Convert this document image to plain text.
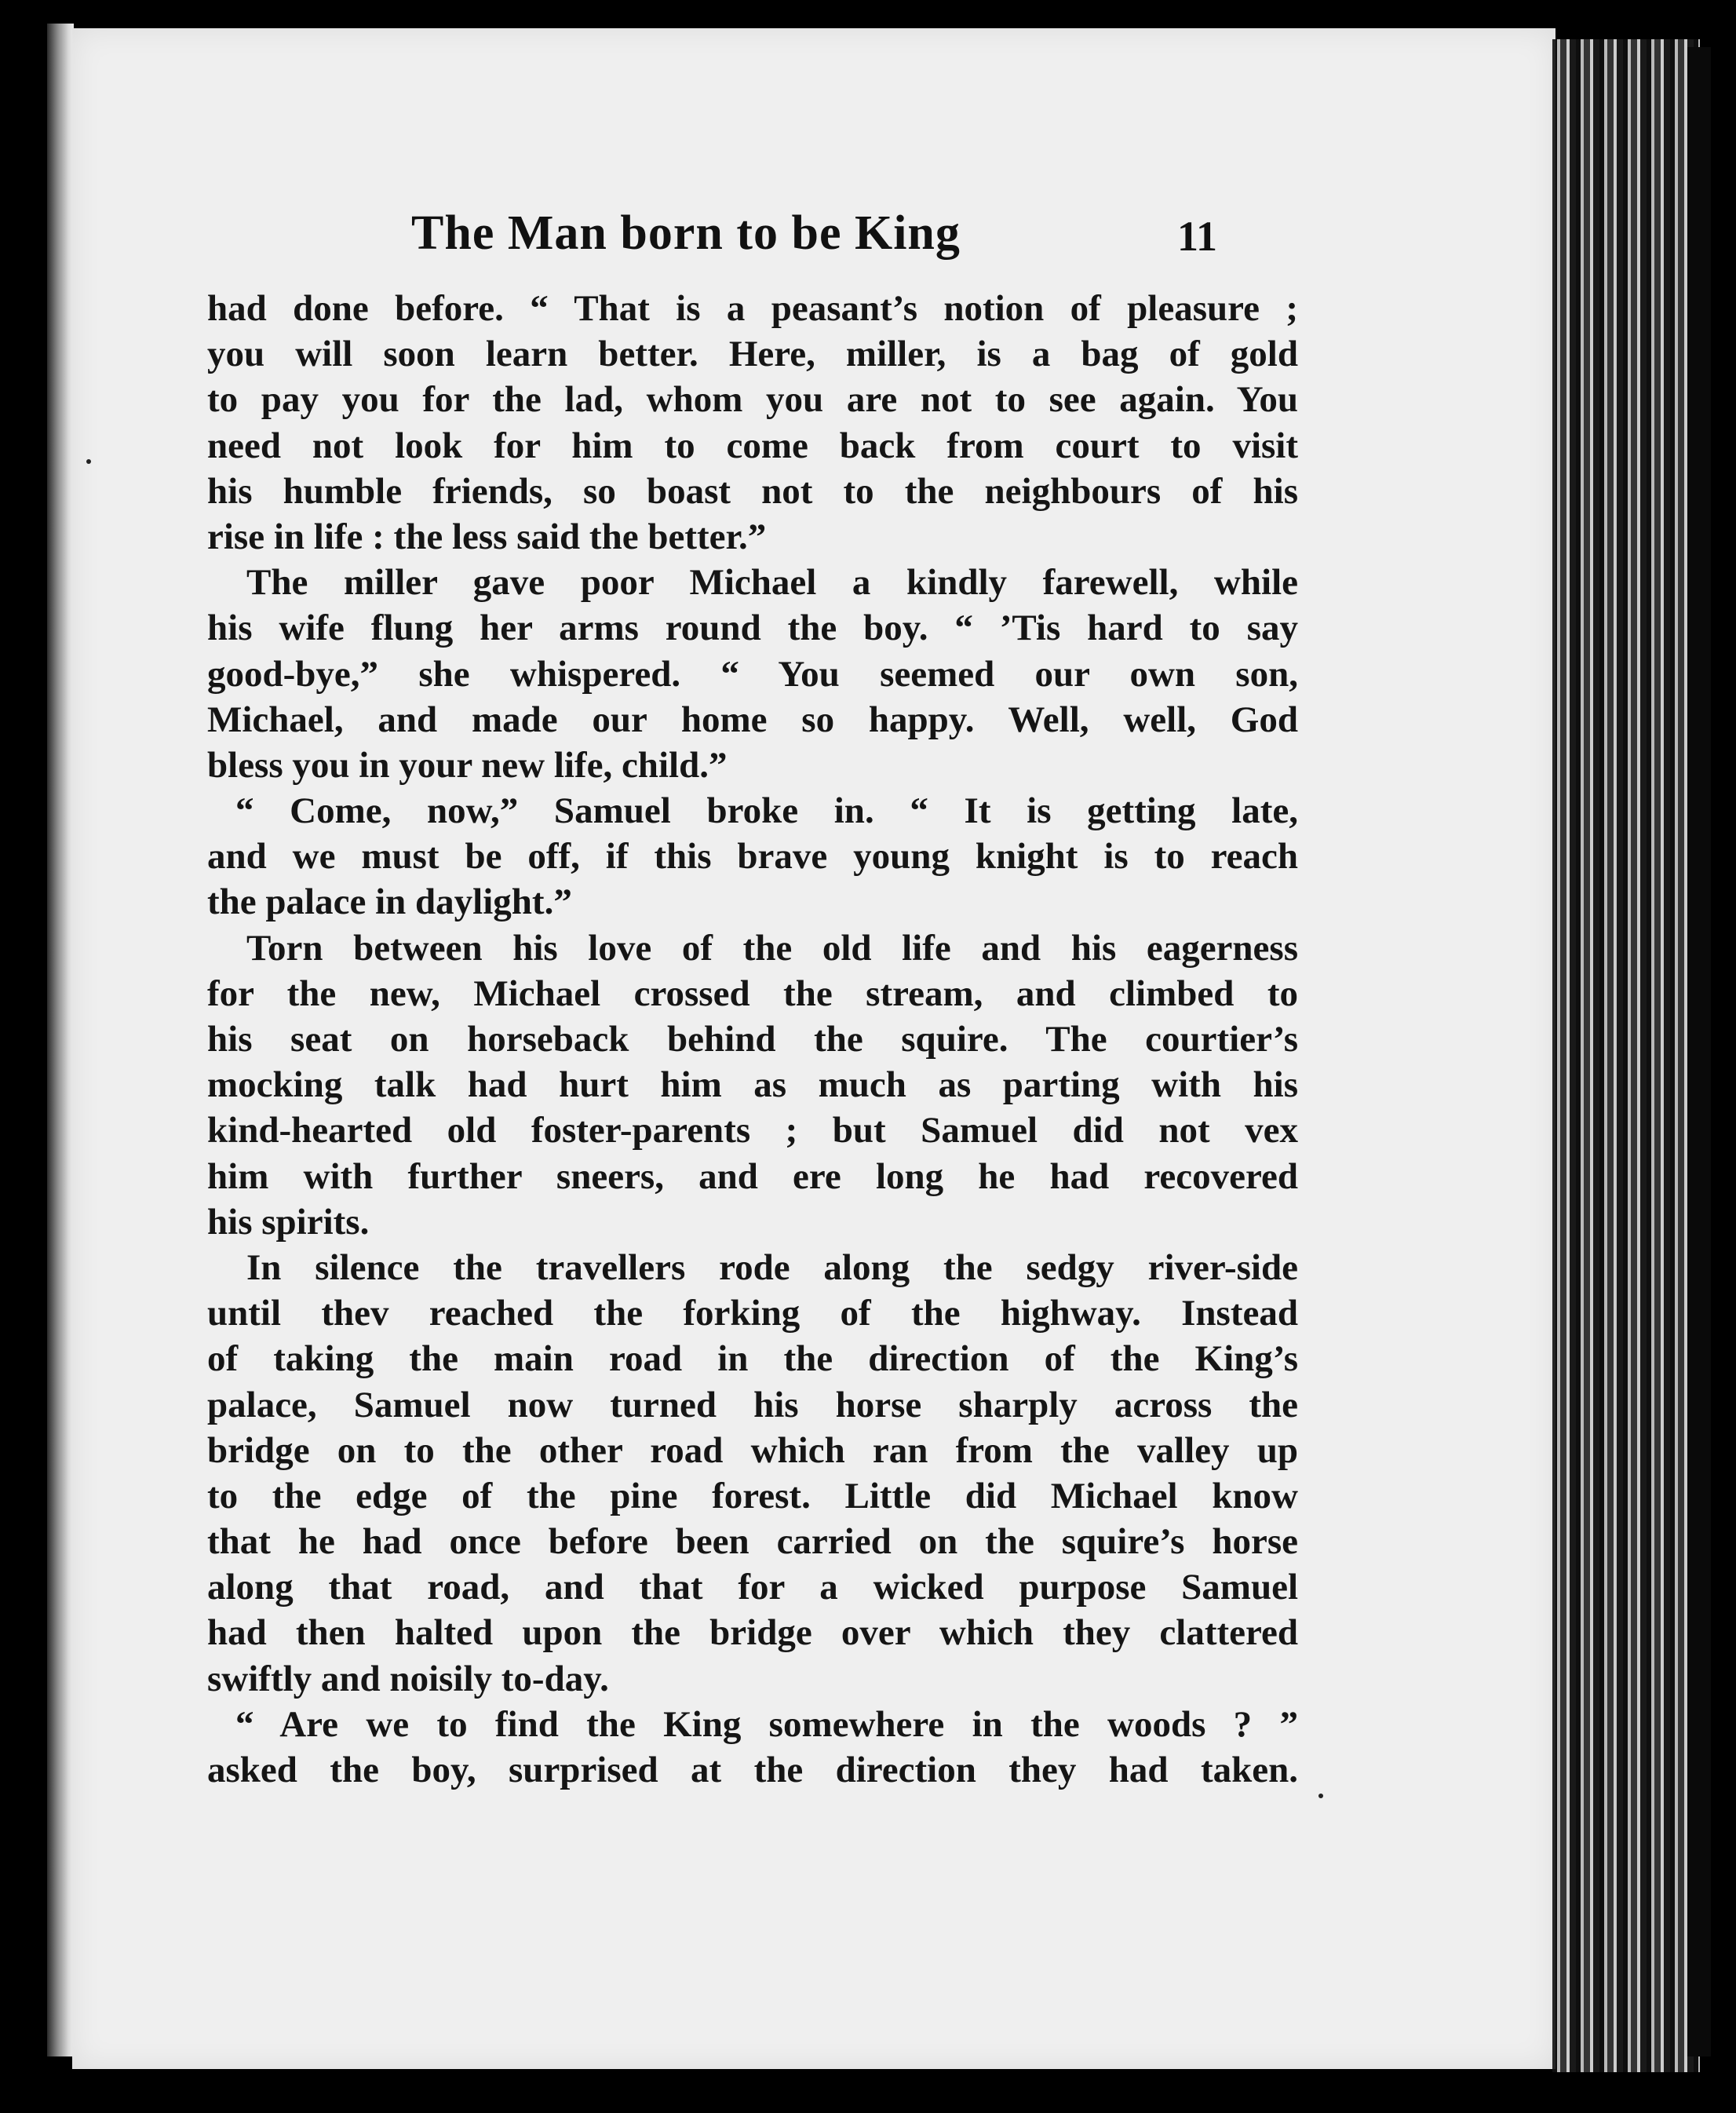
The Man born to be King	11
had done before. “ That is a peasant’s notion of pleasure ;
you will soon learn better. Here, miller, is a bag of gold
to pay you for the lad, whom you are not to see again. You
need not look for him to come back from court to visit
his humble friends, so boast not to the neighbours of his
rise in life : the less said the better.”
The miller gave poor Michael a kindly farewell, while
his wife flung her arms round the boy. “ ’Tis hard to say
good-bye,” she whispered. “ You seemed our own son,
Michael, and made our home so happy. Well, well, God
bless you in your new life, child.”
“ Come, now,” Samuel broke in. “ It is getting late,
and we must be off, if this brave young knight is to reach
the palace in daylight.”
Torn between his love of the old life and his eagerness
for the new, Michael crossed the stream, and climbed to
his seat on horseback behind the squire. The courtier’s
mocking talk had hurt him as much as parting with his
kind-hearted old foster-parents ; but Samuel did not vex
him with further sneers, and ere long he had recovered
his spirits.
In silence the travellers rode along the sedgy river-side
until thev reached the forking of the highway. Instead
of taking the main road in the direction of the King’s
palace, Samuel now turned his horse sharply across the
bridge on to the other road which ran from the valley up
to the edge of the pine forest. Little did Michael know
that he had once before been carried on the squire’s horse
along that road, and that for a wicked purpose Samuel
had then halted upon the bridge over which they clattered
swiftly and noisily to-day.
“ Are we to find the King somewhere in the woods ? ”
asked the boy, surprised at the direction they had taken.
